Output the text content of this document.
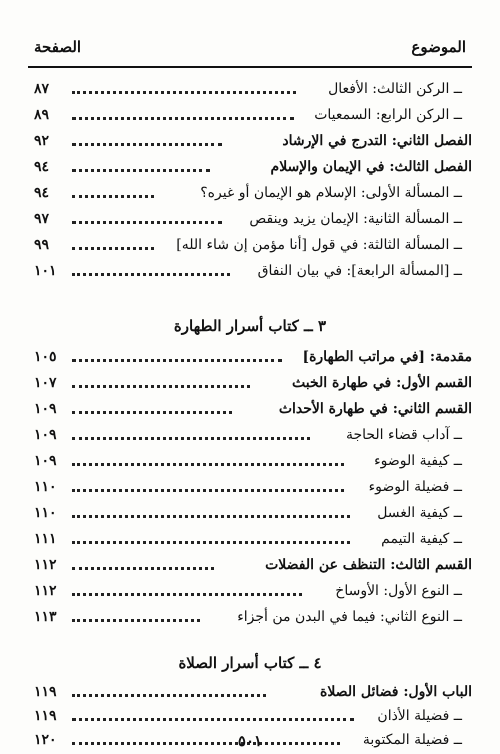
الموضوع
الصفحة
ــ الركن الثالث: الأفعال
٨٧
ــ الركن الرابع: السمعيات
٨٩
الفصل الثاني: التدرج في الإرشاد
٩٢
الفصل الثالث: في الإيمان والإسلام
٩٤
ــ المسألة الأولى: الإسلام هو الإيمان أو غيره؟
٩٤
ــ المسألة الثانية: الإيمان يزيد وينقص
٩٧
ــ المسألة الثالثة: في قول [أنا مؤمن إن شاء الله]
٩٩
ــ [المسألة الرابعة]: في بيان النفاق
١٠١
٣ ــ كتاب أسرار الطهارة
مقدمة: [في مراتب الطهارة]
١٠٥
القسم الأول: في طهارة الخبث
١٠٧
القسم الثاني: في طهارة الأحداث
١٠٩
ــ آداب قضاء الحاجة
١٠٩
ــ كيفية الوضوء
١٠٩
ــ فضيلة الوضوء
١١٠
ــ كيفية الغسل
١١٠
ــ كيفية التيمم
١١١
القسم الثالث: التنظف عن الفضلات
١١٢
ــ النوع الأول: الأوساخ
١١٢
ــ النوع الثاني: فيما في البدن من أجزاء
١١٣
٤ ــ كتاب أسرار الصلاة
الباب الأول: فضائل الصلاة
١١٩
ــ فضيلة الأذان
١١٩
ــ فضيلة المكتوبة
١٢٠	٥٠١
